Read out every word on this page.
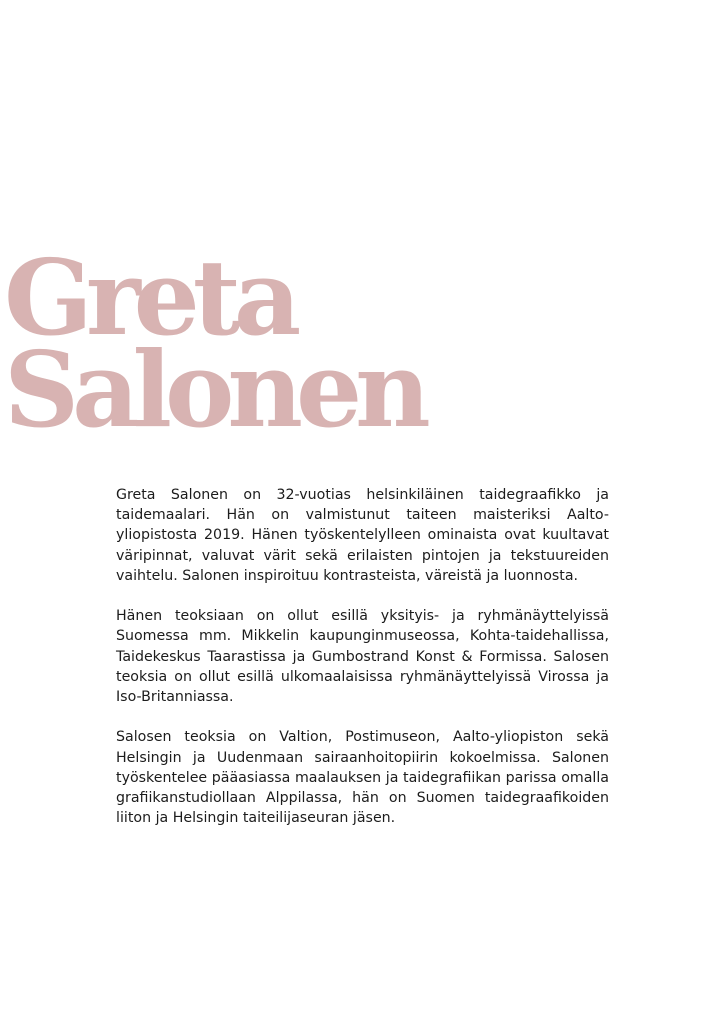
Greta
Salonen

Greta Salonen on 32-vuotias helsinkiläinen taidegraafikko ja taidemaalari. Hän on valmistunut taiteen maisteriksi Aalto-yliopistosta 2019. Hänen työskentelylleen ominaista ovat kuultavat väripinnat, valuvat värit sekä erilaisten pintojen ja tekstuureiden vaihtelu. Salonen inspiroituu kontrasteista, väreistä ja luonnosta.

Hänen teoksiaan on ollut esillä yksityis- ja ryhmänäyttelyissä Suomessa mm. Mikkelin kaupunginmuseossa, Kohta-taidehallissa, Taidekeskus Taarastissa ja Gumbostrand Konst & Formissa. Salosen teoksia on ollut esillä ulkomaalaisissa ryhmänäyttelyissä Virossa ja Iso-Britanniassa.

Salosen teoksia on Valtion, Postimuseon, Aalto-yliopiston sekä Helsingin ja Uudenmaan sairaanhoitopiirin kokoelmissa. Salonen työskentelee pääasiassa maalauksen ja taidegrafiikan parissa omalla grafiikanstudiollaan Alppilassa, hän on Suomen taidegraafikoiden liiton ja Helsingin taiteilijaseuran jäsen.
